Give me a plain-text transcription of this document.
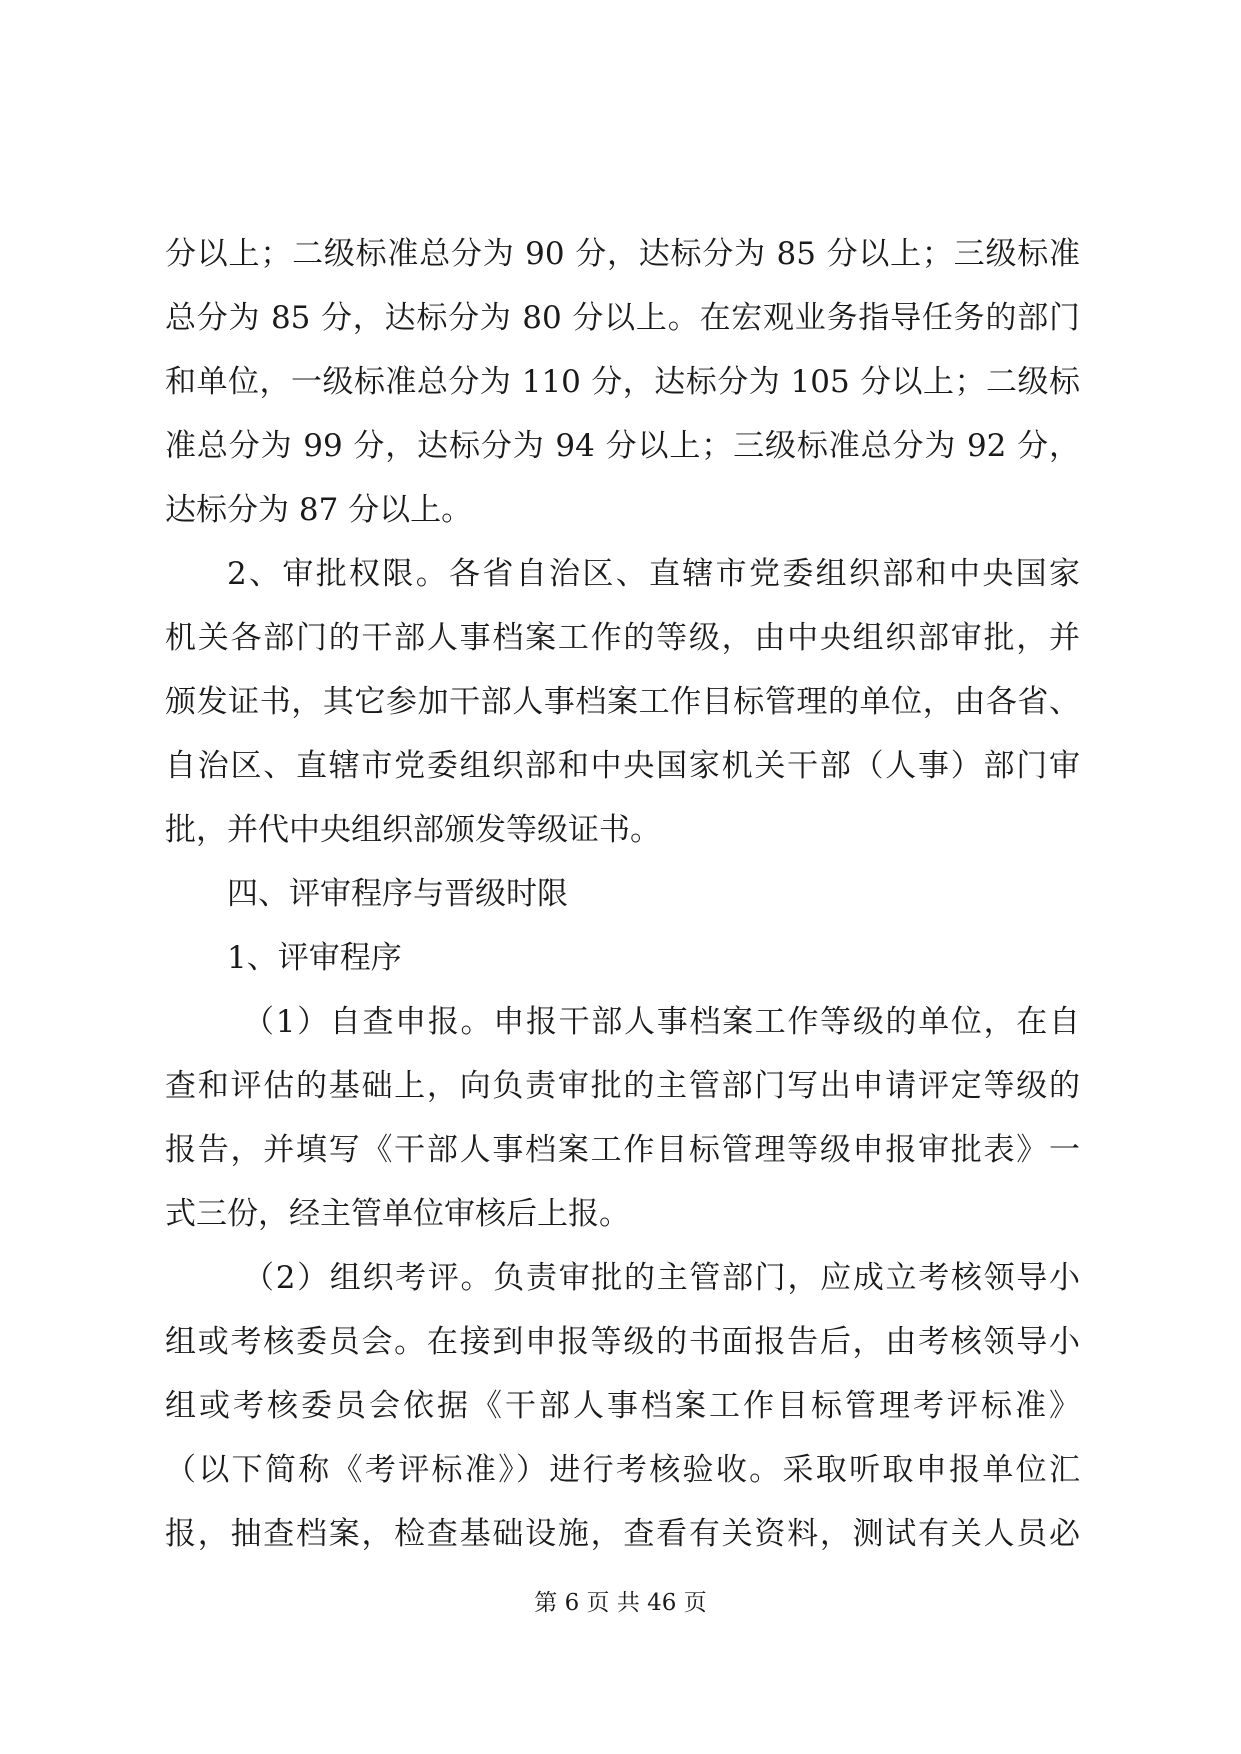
分以上；二级标准总分为 90 分，达标分为 85 分以上；三级标准
总分为 85 分，达标分为 80 分以上。在宏观业务指导任务的部门
和单位，一级标准总分为 110 分，达标分为 105 分以上；二级标
准总分为 99 分，达标分为 94 分以上；三级标准总分为 92 分，
达标分为 87 分以上。
2、审批权限。各省自治区、直辖市党委组织部和中央国家
机关各部门的干部人事档案工作的等级，由中央组织部审批，并
颁发证书，其它参加干部人事档案工作目标管理的单位，由各省、
自治区、直辖市党委组织部和中央国家机关干部（人事）部门审
批，并代中央组织部颁发等级证书。
四、评审程序与晋级时限
1、评审程序
（1）自查申报。申报干部人事档案工作等级的单位，在自
查和评估的基础上，向负责审批的主管部门写出申请评定等级的
报告，并填写《干部人事档案工作目标管理等级申报审批表》一
式三份，经主管单位审核后上报。
（2）组织考评。负责审批的主管部门，应成立考核领导小
组或考核委员会。在接到申报等级的书面报告后，由考核领导小
组或考核委员会依据《干部人事档案工作目标管理考评标准》
（以下简称《考评标准》）进行考核验收。采取听取申报单位汇
报，抽查档案，检查基础设施，查看有关资料，测试有关人员必
第 6 页 共 46 页
